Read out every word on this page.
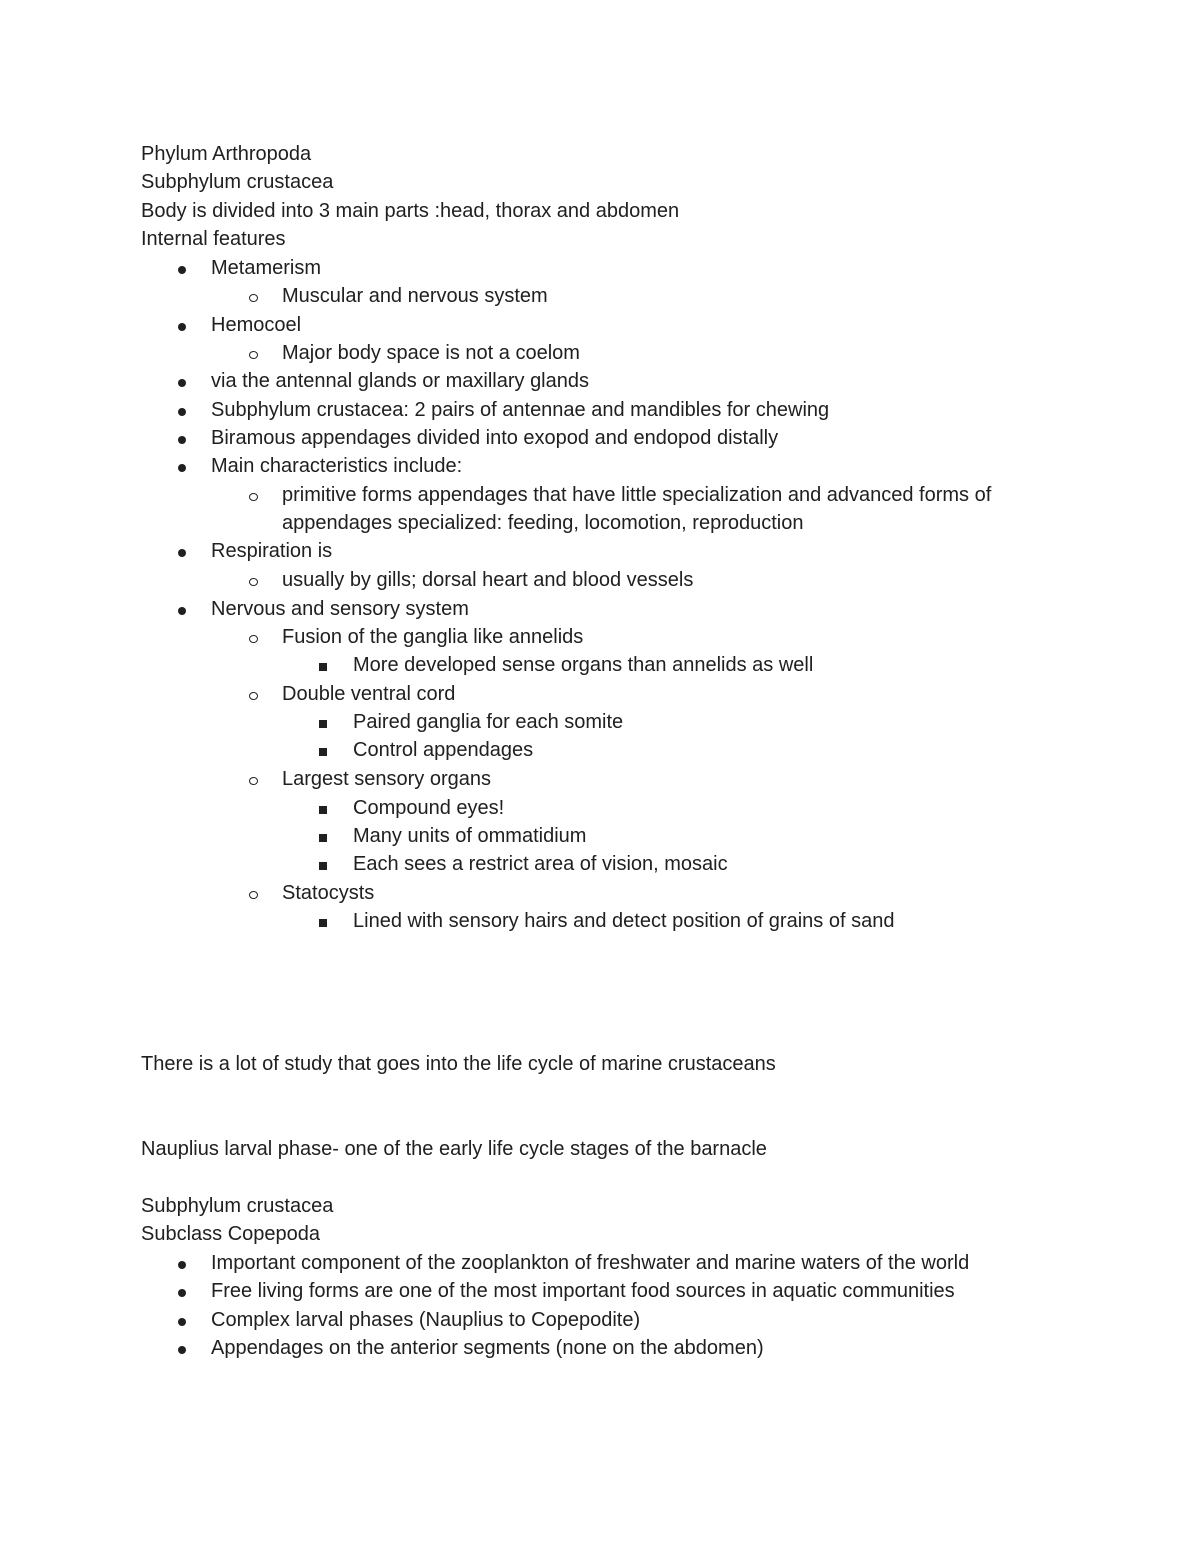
Phylum Arthropoda
Subphylum crustacea
Body is divided into 3 main parts :head, thorax and abdomen
Internal features
Metamerism
Muscular and nervous system
Hemocoel
Major body space is not a coelom
via the antennal glands or maxillary glands
Subphylum crustacea: 2 pairs of antennae and mandibles for chewing
Biramous appendages divided into exopod and endopod distally
Main characteristics include:
primitive forms appendages that have little specialization and advanced forms of
appendages specialized: feeding, locomotion, reproduction
Respiration is
usually by gills; dorsal heart and blood vessels
Nervous and sensory system
Fusion of the ganglia like annelids
More developed sense organs than annelids as well
Double ventral cord
Paired ganglia for each somite
Control appendages
Largest sensory organs
Compound eyes!
Many units of ommatidium
Each sees a restrict area of vision, mosaic
Statocysts
Lined with sensory hairs and detect position of grains of sand
There is a lot of study that goes into the life cycle of marine crustaceans
Nauplius larval phase- one of the early life cycle stages of the barnacle
Subphylum crustacea
Subclass Copepoda
Important component of the zooplankton of freshwater and marine waters of the world
Free living forms are one of the most important food sources in aquatic communities
Complex larval phases (Nauplius to Copepodite)
Appendages on the anterior segments (none on the abdomen)
